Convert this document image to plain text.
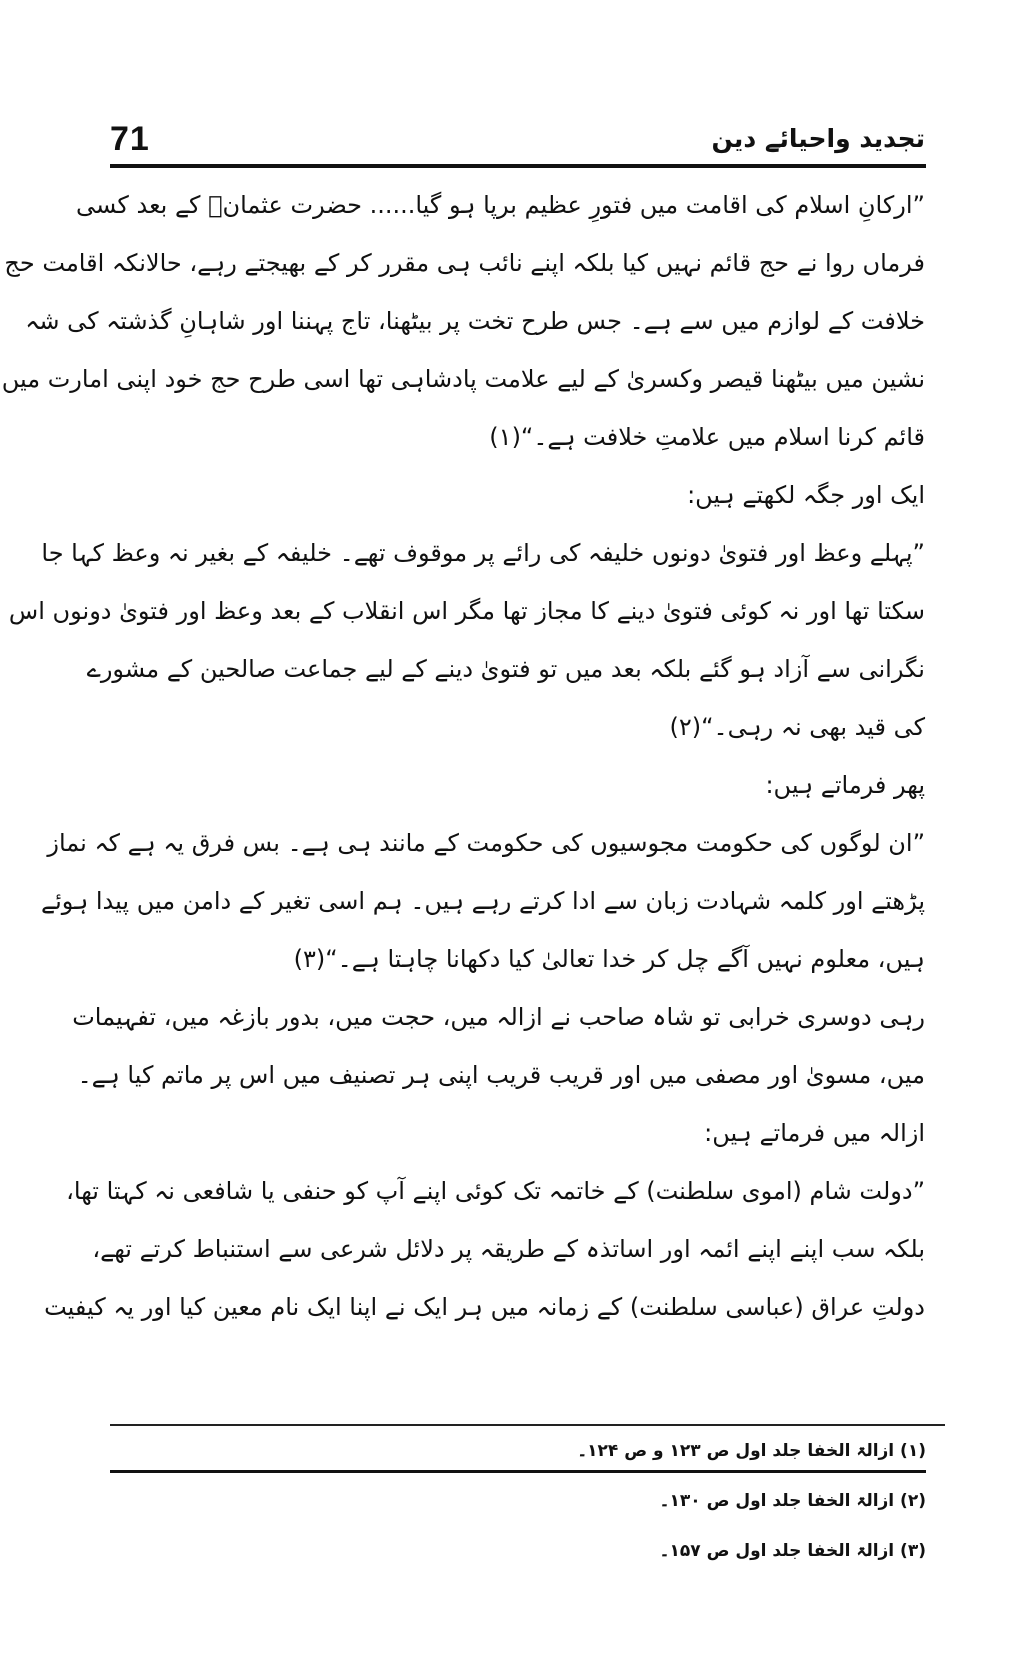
71	تجدید واحیائے دین
”ارکانِ اسلام کی اقامت میں فتورِ عظیم برپا ہو گیا...... حضرت عثمانؓ کے بعد کسی
فرماں روا نے حج قائم نہیں کیا بلکہ اپنے نائب ہی مقرر کر کے بھیجتے رہے، حالانکہ اقامت حج
خلافت کے لوازم میں سے ہے۔ جس طرح تخت پر بیٹھنا، تاج پہننا اور شاہانِ گذشتہ کی شہ
نشین میں بیٹھنا قیصر وکسریٰ کے لیے علامت پادشاہی تھا اسی طرح حج خود اپنی امارت میں
قائم کرنا اسلام میں علامتِ خلافت ہے۔“(۱)
ایک اور جگہ لکھتے ہیں:
”پہلے وعظ اور فتویٰ دونوں خلیفہ کی رائے پر موقوف تھے۔ خلیفہ کے بغیر نہ وعظ کہا جا
سکتا تھا اور نہ کوئی فتویٰ دینے کا مجاز تھا مگر اس انقلاب کے بعد وعظ اور فتویٰ دونوں اس
نگرانی سے آزاد ہو گئے بلکہ بعد میں تو فتویٰ دینے کے لیے جماعت صالحین کے مشورے
کی قید بھی نہ رہی۔“(۲)
پھر فرماتے ہیں:
”ان لوگوں کی حکومت مجوسیوں کی حکومت کے مانند ہی ہے۔ بس فرق یہ ہے کہ نماز
پڑھتے اور کلمہ شہادت زبان سے ادا کرتے رہے ہیں۔ ہم اسی تغیر کے دامن میں پیدا ہوئے
ہیں، معلوم نہیں آگے چل کر خدا تعالیٰ کیا دکھانا چاہتا ہے۔“(۳)
رہی دوسری خرابی تو شاہ صاحب نے ازالہ میں، حجت میں، بدور بازغہ میں، تفہیمات
میں، مسویٰ اور مصفی میں اور قریب قریب اپنی ہر تصنیف میں اس پر ماتم کیا ہے۔
ازالہ میں فرماتے ہیں:
”دولت شام (اموی سلطنت) کے خاتمہ تک کوئی اپنے آپ کو حنفی یا شافعی نہ کہتا تھا،
بلکہ سب اپنے اپنے ائمہ اور اساتذہ کے طریقہ پر دلائل شرعی سے استنباط کرتے تھے،
دولتِ عراق (عباسی سلطنت) کے زمانہ میں ہر ایک نے اپنا ایک نام معین کیا اور یہ کیفیت
(۱) ازالۃ الخفا جلد اول ص ۱۲۳ و ص ۱۲۴۔
(۲) ازالۃ الخفا جلد اول ص ۱۳۰۔
(۳) ازالۃ الخفا جلد اول ص ۱۵۷۔
